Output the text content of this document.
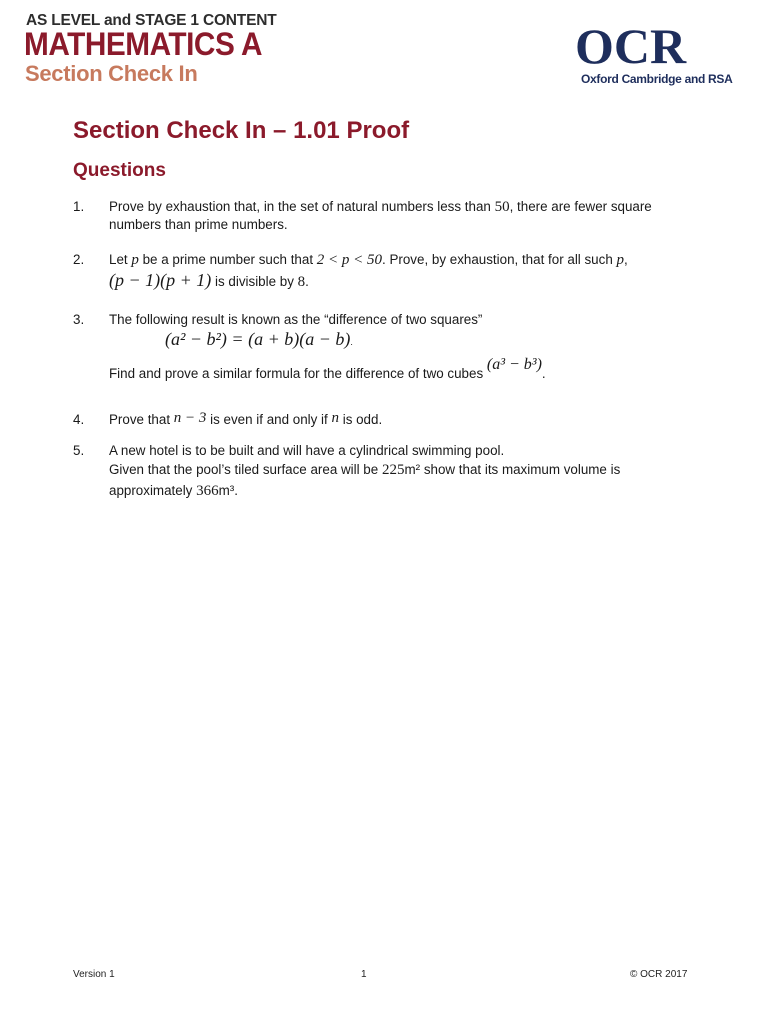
AS LEVEL and STAGE 1 CONTENT
MATHEMATICS A
Section Check In	OCR
Oxford Cambridge and RSA
Section Check In – 1.01 Proof
Questions
1. Prove by exhaustion that, in the set of natural numbers less than 50, there are fewer square numbers than prime numbers.
2. Let p be a prime number such that 2 < p < 50. Prove, by exhaustion, that for all such p,
(p − 1)(p + 1) is divisible by 8.
3. The following result is known as the “difference of two squares”
(a² − b²) = (a + b)(a − b).
Find and prove a similar formula for the difference of two cubes (a³ − b³).
4. Prove that n − 3 is even if and only if n is odd.
5. A new hotel is to be built and will have a cylindrical swimming pool.
Given that the pool’s tiled surface area will be 225m² show that its maximum volume is
approximately 366m³.
Version 1	1	© OCR 2017
